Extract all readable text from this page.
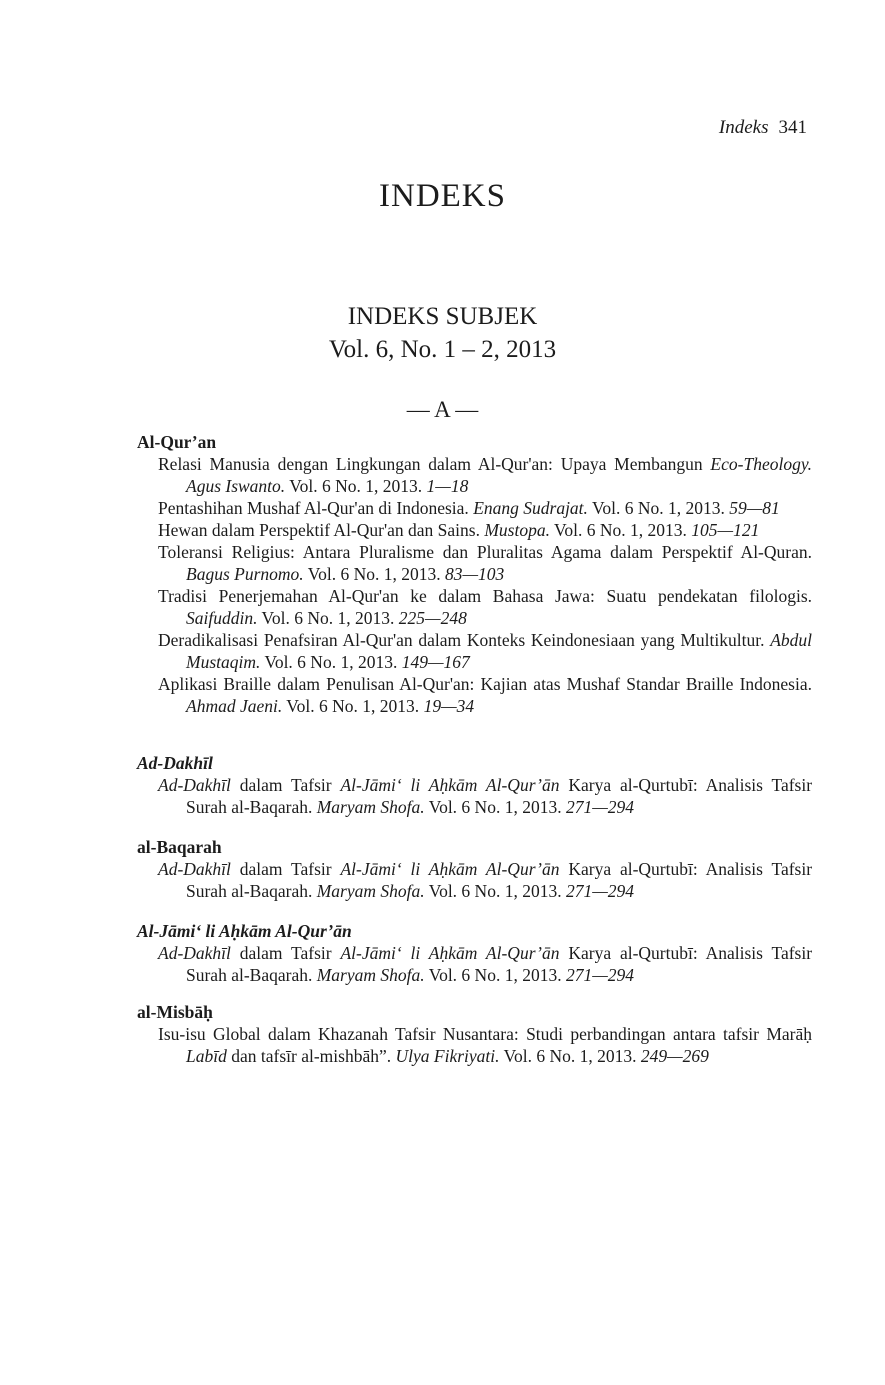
Indeks 341
INDEKS
INDEKS SUBJEK
Vol. 6, No. 1 – 2, 2013
— A —
Al-Qur’an
Relasi Manusia dengan Lingkungan dalam Al-Qur'an: Upaya Membangun Eco-Theology. Agus Iswanto. Vol. 6 No. 1, 2013. 1—18
Pentashihan Mushaf Al-Qur'an di Indonesia. Enang Sudrajat. Vol. 6 No. 1, 2013. 59—81
Hewan dalam Perspektif Al-Qur'an dan Sains. Mustopa. Vol. 6 No. 1, 2013. 105—121
Toleransi Religius: Antara Pluralisme dan Pluralitas Agama dalam Perspektif Al-Quran. Bagus Purnomo. Vol. 6 No. 1, 2013. 83—103
Tradisi Penerjemahan Al-Qur'an ke dalam Bahasa Jawa: Suatu pendekatan filologis. Saifuddin. Vol. 6 No. 1, 2013. 225—248
Deradikalisasi Penafsiran Al-Qur'an dalam Konteks Keindonesiaan yang Multikultur. Abdul Mustaqim. Vol. 6 No. 1, 2013. 149—167
Aplikasi Braille dalam Penulisan Al-Qur'an: Kajian atas Mushaf Standar Braille Indonesia. Ahmad Jaeni. Vol. 6 No. 1, 2013. 19—34
Ad-Dakhīl
Ad-Dakhīl dalam Tafsir Al-Jāmi‘ li Aḥkām Al-Qur’ān Karya al-Qurtubī: Analisis Tafsir Surah al-Baqarah. Maryam Shofa. Vol. 6 No. 1, 2013. 271—294
al-Baqarah
Ad-Dakhīl dalam Tafsir Al-Jāmi‘ li Aḥkām Al-Qur’ān Karya al-Qurtubī: Analisis Tafsir Surah al-Baqarah. Maryam Shofa. Vol. 6 No. 1, 2013. 271—294
Al-Jāmi‘ li Aḥkām Al-Qur’ān
Ad-Dakhīl dalam Tafsir Al-Jāmi‘ li Aḥkām Al-Qur’ān Karya al-Qurtubī: Analisis Tafsir Surah al-Baqarah. Maryam Shofa. Vol. 6 No. 1, 2013. 271—294
al-Misbāḥ
Isu-isu Global dalam Khazanah Tafsir Nusantara: Studi perbandingan antara tafsir Marāḥ Labīd dan tafsīr al-mishbāh”. Ulya Fikriyati. Vol. 6 No. 1, 2013. 249—269
